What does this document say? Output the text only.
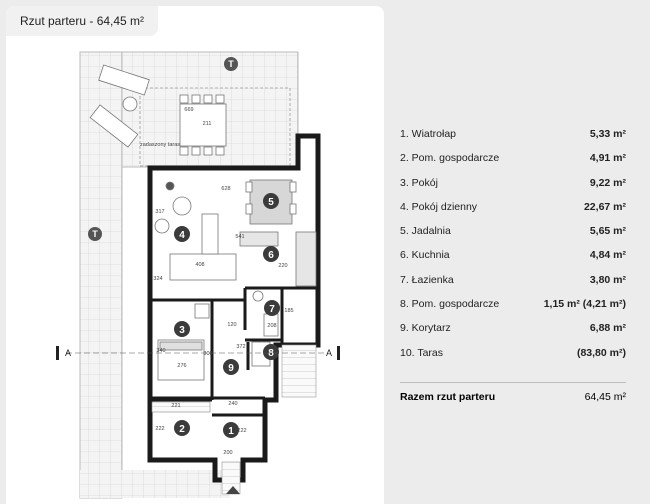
Rzut parteru - 64,45 m²
1
2
3
4
5
6
7
8
9
T
T
A	A
zadaszony taras
669
211
628
317
541
408
324
220
120
340
276
300
372
240
221
222	222
200
185
208
1. Wiatrołap	5,33 m²
2. Pom. gospodarcze	4,91 m²
3. Pokój	9,22 m²
4. Pokój dzienny	22,67 m²
5. Jadalnia	5,65 m²
6. Kuchnia	4,84 m²
7. Łazienka	3,80 m²
8. Pom. gospodarcze	1,15 m² (4,21 m²)
9. Korytarz	6,88 m²
10. Taras	(83,80 m²)
Razem rzut parteru	64,45 m²
